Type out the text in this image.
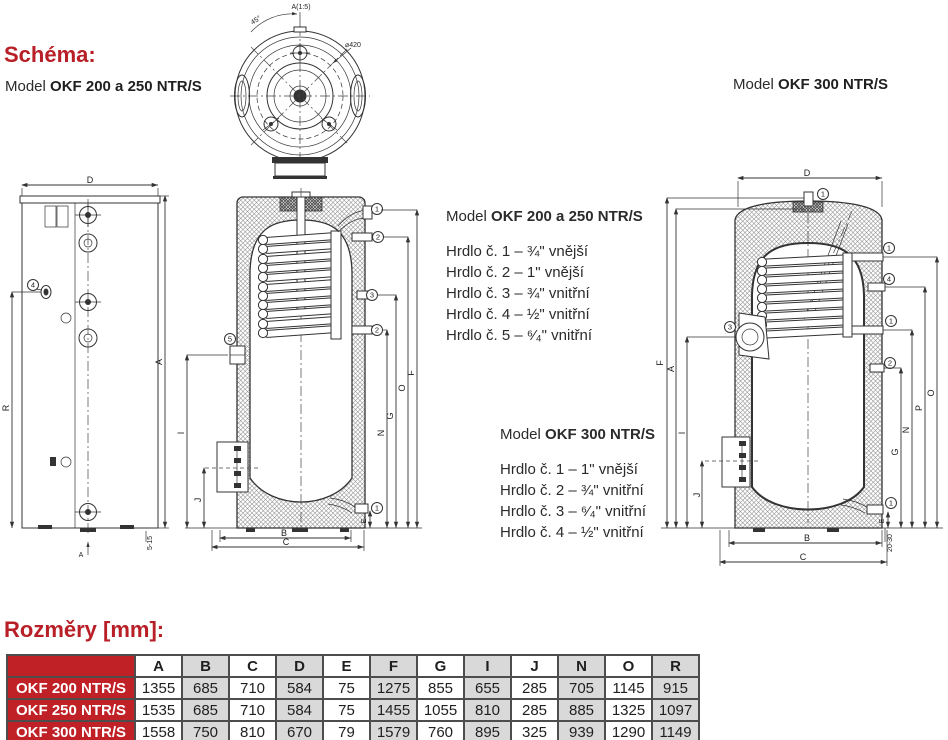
Schéma:
Model OKF 200 a 250 NTR/S	Model OKF 300 NTR/S
A(1:5)
45°
⌀420
D
4
R
A
5-15
A
1
2
3
2
1
5
F
O
G
N
E
I
J
B
C
Model OKF 200 a 250 NTR/S
Hrdlo č. 1 – ¾" vnější
Hrdlo č. 2 – 1" vnější
Hrdlo č. 3 – ¾" vnitřní
Hrdlo č. 4 – ½" vnitřní
Hrdlo č. 5 – ⁶⁄₄" vnitřní
Model OKF 300 NTR/S
Hrdlo č. 1 – 1" vnější
Hrdlo č. 2 – ¾" vnitřní
Hrdlo č. 3 – ⁶⁄₄" vnitřní
Hrdlo č. 4 – ½" vnitřní
D
1
1
4
1
2
1
3
F
A
I
J
O
P
N
G
E
20-30
B
C
Rozměry [mm]:
	A	B	C	D	E	F	G	I	J	N	O	R
OKF 200 NTR/S	1355	685	710	584	75	1275	855	655	285	705	1145	915
OKF 250 NTR/S	1535	685	710	584	75	1455	1055	810	285	885	1325	1097
OKF 300 NTR/S	1558	750	810	670	79	1579	760	895	325	939	1290	1149
